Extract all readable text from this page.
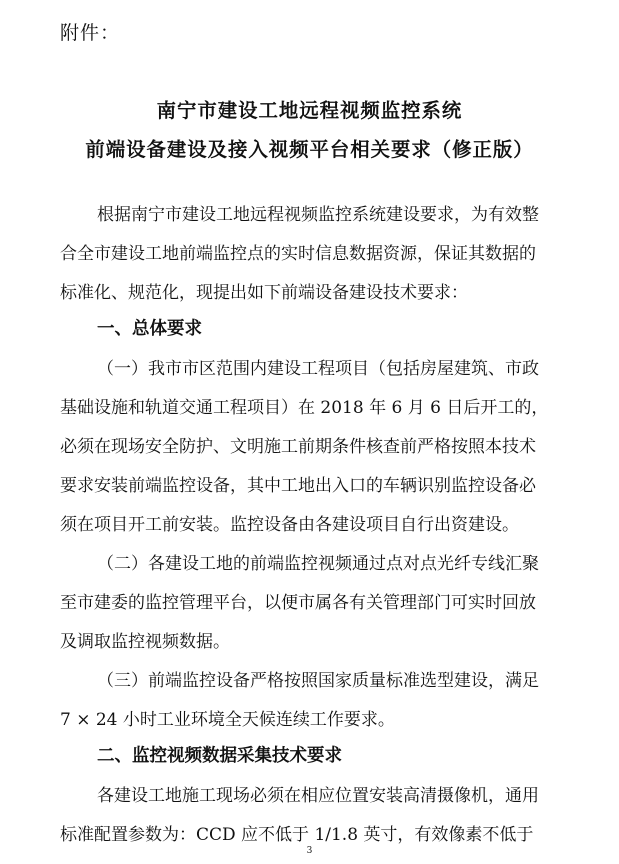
附件：
南宁市建设工地远程视频监控系统
前端设备建设及接入视频平台相关要求（修正版）
根据南宁市建设工地远程视频监控系统建设要求，为有效整
合全市建设工地前端监控点的实时信息数据资源，保证其数据的
标准化、规范化，现提出如下前端设备建设技术要求：
一、总体要求
（一）我市市区范围内建设工程项目（包括房屋建筑、市政
基础设施和轨道交通工程项目）在 2018 年 6 月 6 日后开工的，
必须在现场安全防护、文明施工前期条件核查前严格按照本技术
要求安装前端监控设备，其中工地出入口的车辆识别监控设备必
须在项目开工前安装。监控设备由各建设项目自行出资建设。
（二）各建设工地的前端监控视频通过点对点光纤专线汇聚
至市建委的监控管理平台，以便市属各有关管理部门可实时回放
及调取监控视频数据。
（三）前端监控设备严格按照国家质量标准选型建设，满足
7 × 24 小时工业环境全天候连续工作要求。
二、监控视频数据采集技术要求
各建设工地施工现场必须在相应位置安装高清摄像机，通用
标准配置参数为：CCD 应不低于 1/1.8 英寸，有效像素不低于
3
